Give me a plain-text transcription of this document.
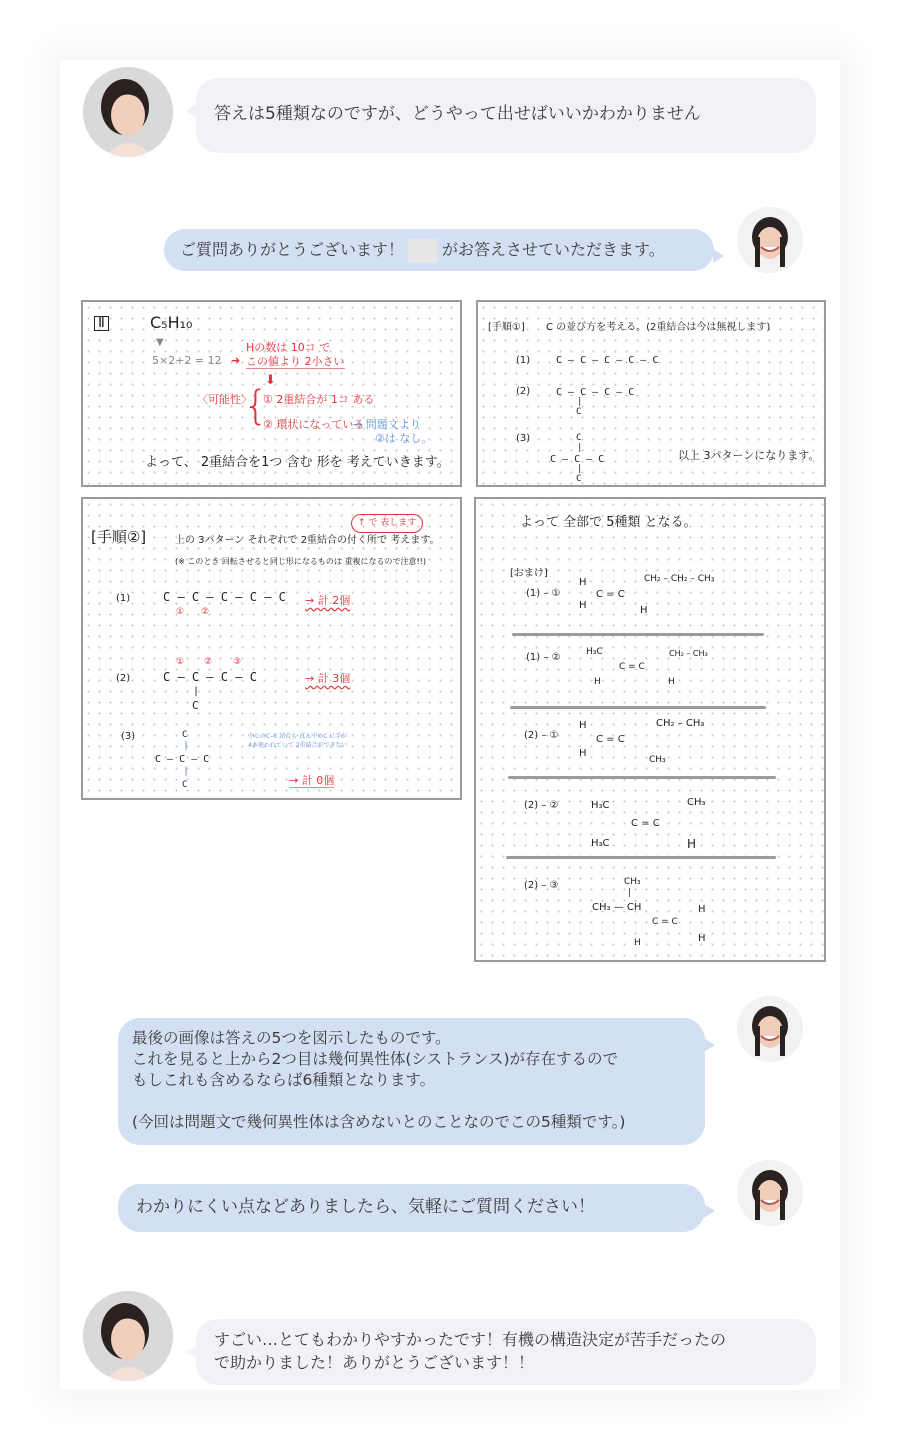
答えは5種類なのですが、どうやって出せばいいかわかりません
ご質問ありがとうございます！ がお答えさせていただきます。
Ⅱ	C₅H₁₀
▼
5×2+2 = 12 ➜
Hの数は 10コ で
この値より 2小さい
⬇
〈可能性〉
{
① 2重結合が 1コ ある
② 環状になっている
→ 問題文より
②は なし。
よって、 2重結合を1つ 含む 形を 考えていきます。
[手順①] C の並び方を考える。(2重結合は今は無視します)
(1)	C – C – C – C – C
(2)	C – C – C – C
|
C
(3)	C
|
C – C – C
|
C
以上 3パターンになります。
[手順②]
↑ で 表します
上の 3パターン それぞれで 2重結合の付く所で 考えます。
(※ このとき 回転させると同じ形になるものは 重複になるので注意!!)
(1)	C – C – C – C – C
① ②
→ 計 2個
(2)
① ② ③
C – C – C – C
|
C
→ 計 3個
(3)	C
|
C – C – C
|
C
中心のC–C 結合も 真ん中のC に手が4本使われていて 2重結合ができない
→ 計 0個
よって 全部で 5種類 となる。
[おまけ]
(1) – ①
H
H
C = C
CH₂ – CH₂ – CH₃
H
(1) – ②	H₃C
H
C = C
CH₂ – CH₃
H
(2) – ①
H
H
C = C
CH₂ – CH₃
CH₃
(2) – ②	H₃C
H₃C
C = C
CH₃
H
(2) – ③	CH₃
|
CH₃ — CH
C = C
H
H
H
最後の画像は答えの5つを図示したものです。
これを見ると上から2つ目は幾何異性体(シストランス)が存在するので
もしこれも含めるならば6種類となります。
(今回は問題文で幾何異性体は含めないとのことなのでこの5種類です。)
わかりにくい点などありましたら、気軽にご質問ください！
すごい…とてもわかりやすかったです！有機の構造決定が苦手だったの
で助かりました！ありがとうございます！！
